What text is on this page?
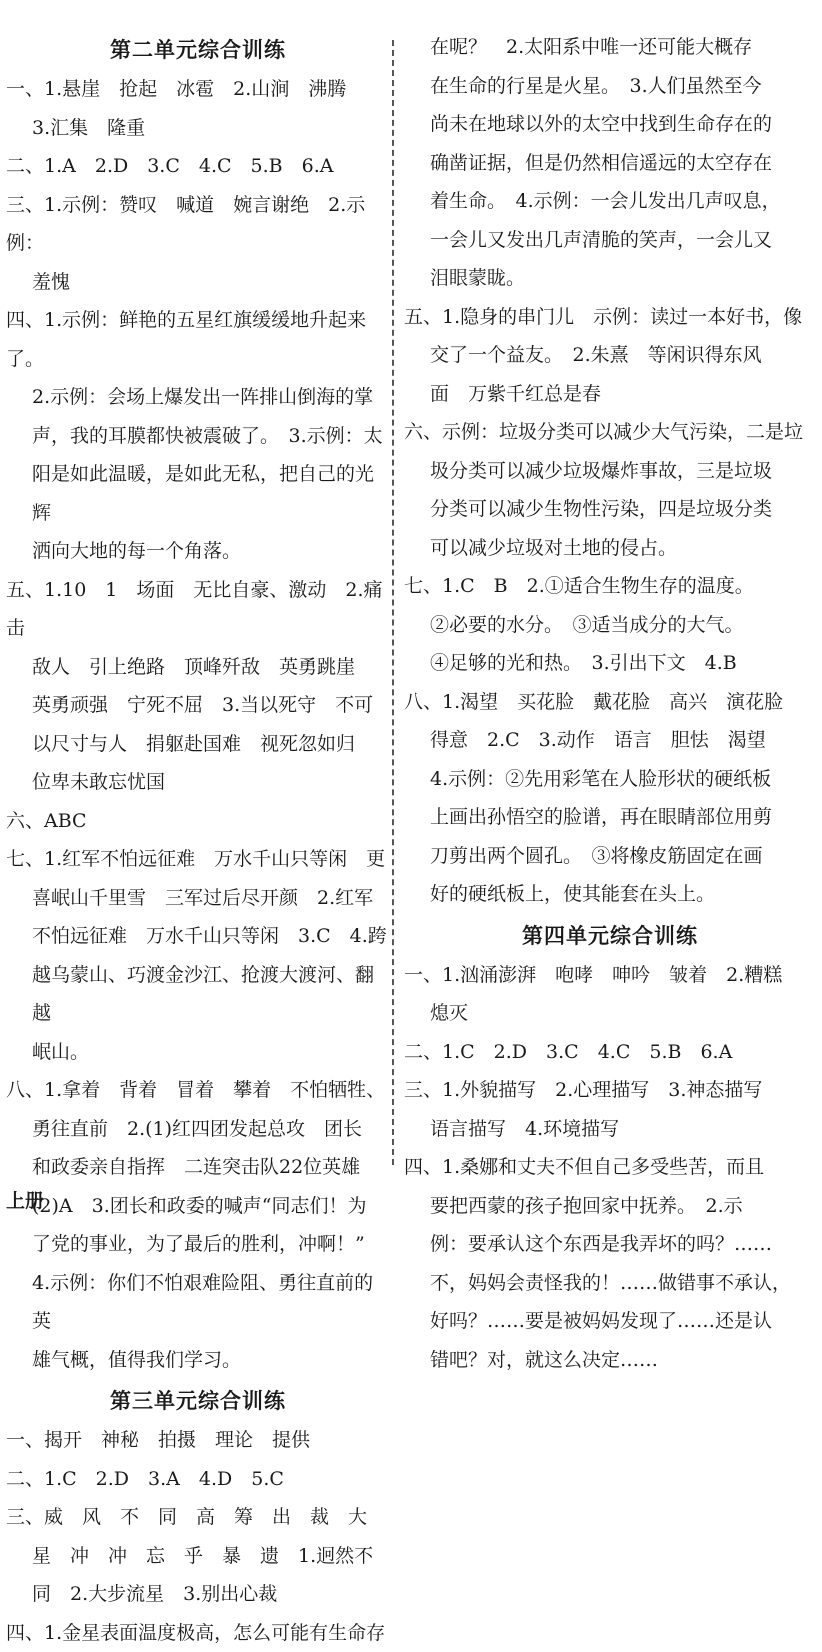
第二单元综合训练
一、1.悬崖　抢起　冰雹　2.山涧　沸腾
3.汇集　隆重
二、1.A　2.D　3.C　4.C　5.B　6.A
三、1.示例：赞叹　喊道　婉言谢绝　2.示例：
羞愧
四、1.示例：鲜艳的五星红旗缓缓地升起来了。
2.示例：会场上爆发出一阵排山倒海的掌
声，我的耳膜都快被震破了。　3.示例：太
阳是如此温暖，是如此无私，把自己的光辉
洒向大地的每一个角落。
五、1.10　1　场面　无比自豪、激动　2.痛击
敌人　引上绝路　顶峰歼敌　英勇跳崖
英勇顽强　宁死不屈　3.当以死守　不可
以尺寸与人　捐躯赴国难　视死忽如归
位卑未敢忘忧国
六、ABC
七、1.红军不怕远征难　万水千山只等闲　更
喜岷山千里雪　三军过后尽开颜　2.红军
不怕远征难　万水千山只等闲　3.C　4.跨
越乌蒙山、巧渡金沙江、抢渡大渡河、翻越
岷山。
八、1.拿着　背着　冒着　攀着　不怕牺牲、
勇往直前　2.(1)红四团发起总攻　团长
和政委亲自指挥　二连突击队22位英雄
(2)A　3.团长和政委的喊声“同志们！为
了党的事业，为了最后的胜利，冲啊！”
4.示例：你们不怕艰难险阻、勇往直前的英
雄气概，值得我们学习。
第三单元综合训练
一、揭开　神秘　拍摄　理论　提供
二、1.C　2.D　3.A　4.D　5.C
三、威　风　不　同　高　筹　出　裁　大
星　冲　冲　忘　乎　暴　遗　1.迥然不
同　2.大步流星　3.别出心裁
四、1.金星表面温度极高，怎么可能有生命存
在呢？　2.太阳系中唯一还可能大概存
在生命的行星是火星。　3.人们虽然至今
尚未在地球以外的太空中找到生命存在的
确凿证据，但是仍然相信遥远的太空存在
着生命。　4.示例：一会儿发出几声叹息，
一会儿又发出几声清脆的笑声，一会儿又
泪眼蒙眬。
五、1.隐身的串门儿　示例：读过一本好书，像
交了一个益友。　2.朱熹　等闲识得东风
面　万紫千红总是春
六、示例：垃圾分类可以减少大气污染，二是垃
圾分类可以减少垃圾爆炸事故，三是垃圾
分类可以减少生物性污染，四是垃圾分类
可以减少垃圾对土地的侵占。
七、1.C　B　2.①适合生物生存的温度。
②必要的水分。　③适当成分的大气。
④足够的光和热。　3.引出下文　4.B
八、1.渴望　买花脸　戴花脸　高兴　演花脸
得意　2.C　3.动作　语言　胆怯　渴望
4.示例：②先用彩笔在人脸形状的硬纸板
上画出孙悟空的脸谱，再在眼睛部位用剪
刀剪出两个圆孔。　③将橡皮筋固定在画
好的硬纸板上，使其能套在头上。
第四单元综合训练
一、1.汹涌澎湃　咆哮　呻吟　皱着　2.糟糕
熄灭
二、1.C　2.D　3.C　4.C　5.B　6.A
三、1.外貌描写　2.心理描写　3.神态描写
语言描写　4.环境描写
四、1.桑娜和丈夫不但自己多受些苦，而且
要把西蒙的孩子抱回家中抚养。　2.示
例：要承认这个东西是我弄坏的吗？……
不，妈妈会责怪我的！……做错事不承认，
好吗？……要是被妈妈发现了……还是认
错吧？对，就这么决定……
上册
